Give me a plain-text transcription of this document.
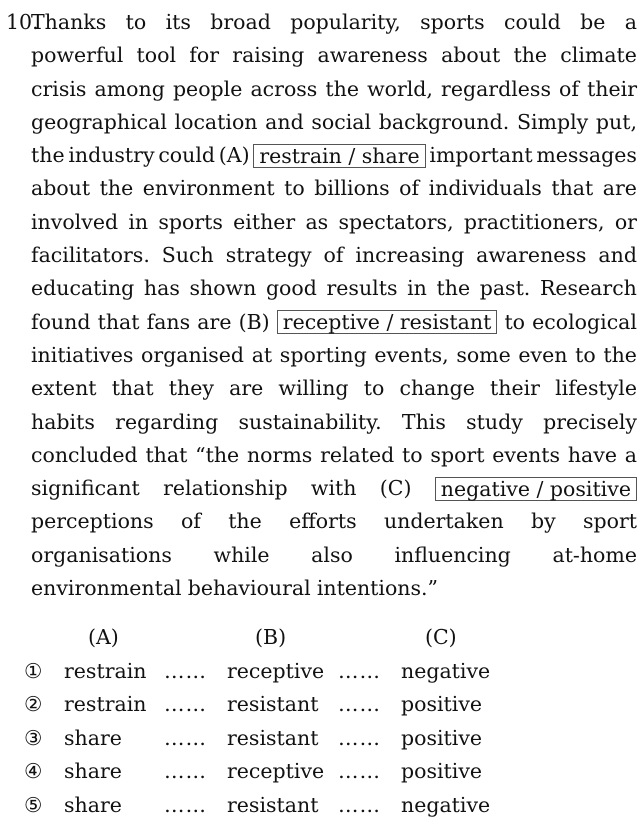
10.
Thanks to its broad popularity, sports could be a
powerful tool for raising awareness about the climate
crisis among people across the world, regardless of their
geographical location and social background. Simply put,
the industry could (A) restrain / share important messages
about the environment to billions of individuals that are
involved in sports either as spectators, practitioners, or
facilitators. Such strategy of increasing awareness and
educating has shown good results in the past. Research
found that fans are (B) receptive / resistant to ecological
initiatives organised at sporting events, some even to the
extent that they are willing to change their lifestyle
habits regarding sustainability. This study precisely
concluded that “the norms related to sport events have a
significant relationship with (C) negative / positive
perceptions of the efforts undertaken by sport
organisations while also influencing at-home
environmental behavioural intentions.”
(A)	(B)	(C)
① restrain …… receptive …… negative
② restrain …… resistant …… positive
③ share …… resistant …… positive
④ share …… receptive …… positive
⑤ share …… resistant …… negative
